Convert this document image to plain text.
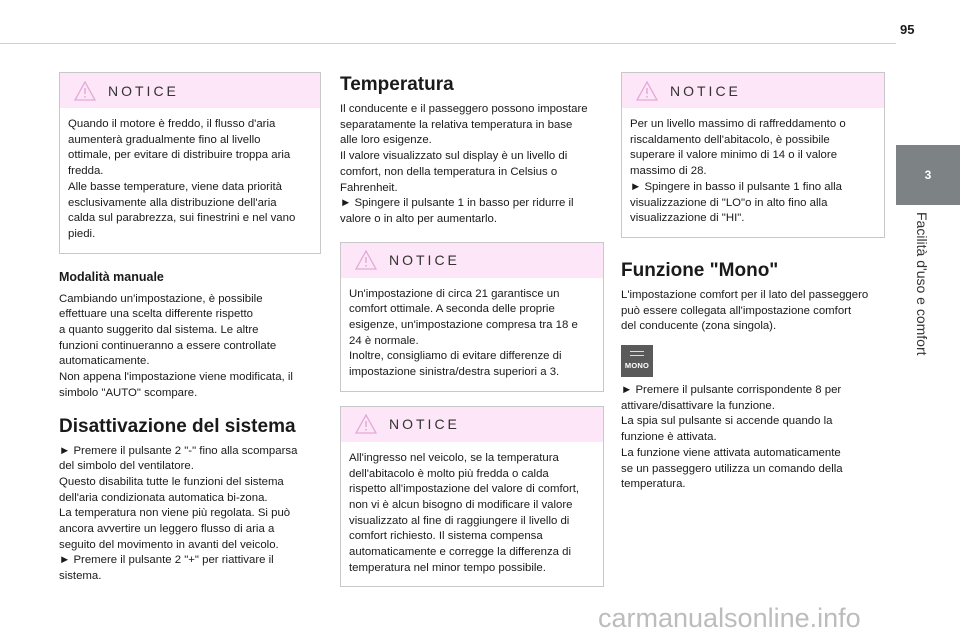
95
3
Facilità d'uso e comfort
NOTICE

Quando il motore è freddo, il flusso d'aria

aumenterà gradualmente fino al livello

ottimale, per evitare di distribuire troppa aria

fredda.

Alle basse temperature, viene data priorità

esclusivamente alla distribuzione dell'aria

calda sul parabrezza, sui finestrini e nel vano

piedi.

Modalità manuale

Cambiando un'impostazione, è possibile

effettuare una scelta differente rispetto

a quanto suggerito dal sistema. Le altre

funzioni continueranno a essere controllate

automaticamente.

Non appena l'impostazione viene modificata, il

simbolo "AUTO" scompare.

Disattivazione del sistema

► Premere il pulsante 2 "-" fino alla scomparsa

del simbolo del ventilatore.

Questo disabilita tutte le funzioni del sistema

dell'aria condizionata automatica bi-zona.

La temperatura non viene più regolata. Si può

ancora avvertire un leggero flusso di aria a

seguito del movimento in avanti del veicolo.

► Premere il pulsante 2 "+" per riattivare il

sistema.

Temperatura

Il conducente e il passeggero possono impostare

separatamente la relativa temperatura in base

alle loro esigenze.

Il valore visualizzato sul display è un livello di

comfort, non della temperatura in Celsius o

Fahrenheit.

► Spingere il pulsante 1 in basso per ridurre il

valore o in alto per aumentarlo.

NOTICE

Un'impostazione di circa 21 garantisce un

comfort ottimale. A seconda delle proprie

esigenze, un'impostazione compresa tra 18 e

24 è normale.

Inoltre, consigliamo di evitare differenze di

impostazione sinistra/destra superiori a 3.

NOTICE

All'ingresso nel veicolo, se la temperatura

dell'abitacolo è molto più fredda o calda

rispetto all'impostazione del valore di comfort,

non vi è alcun bisogno di modificare il valore

visualizzato al fine di raggiungere il livello di

comfort richiesto. Il sistema compensa

automaticamente e corregge la differenza di

temperatura nel minor tempo possibile.

NOTICE

Per un livello massimo di raffreddamento o

riscaldamento dell'abitacolo, è possibile

superare il valore minimo di 14 o il valore

massimo di 28.

► Spingere in basso il pulsante 1 fino alla

visualizzazione di "LO"o in alto fino alla

visualizzazione di "HI".

Funzione "Mono"

L'impostazione comfort per il lato del passeggero

può essere collegata all'impostazione comfort

del conducente (zona singola).

MONO

► Premere il pulsante corrispondente 8 per

attivare/disattivare la funzione.

La spia sul pulsante si accende quando la

funzione è attivata.

La funzione viene attivata automaticamente

se un passeggero utilizza un comando della

temperatura.

carmanualsonline.info
